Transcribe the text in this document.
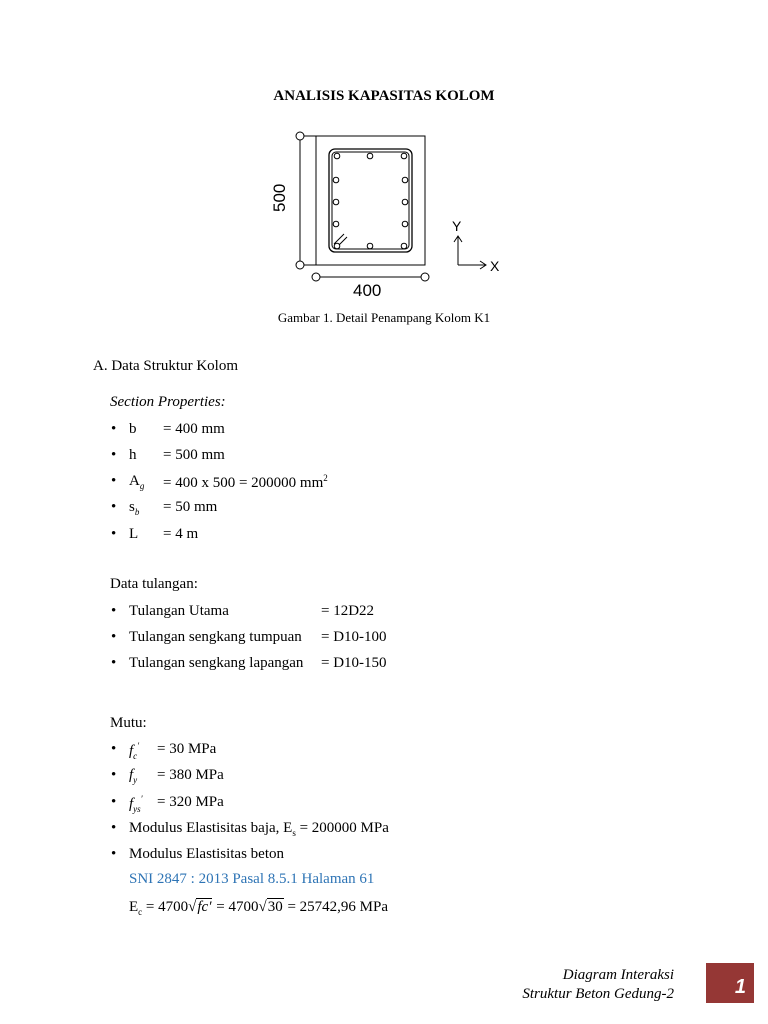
ANALISIS KAPASITAS KOLOM
500
400
Y
X
Gambar 1. Detail Penampang Kolom K1
A. Data Struktur Kolom
Section Properties:
• b = 400 mm
• h = 500 mm
• $A_g = 400$ x 500 = 200000 $mm^2$
• $s_b = 50$ mm
• L = 4 m
Data tulangan:
• Tulangan Utama	= 12D22
• Tulangan sengkang tumpuan = D10-100
• Tulangan sengkang lapangan = D10-150
Mutu:
• $f_c' = 30$ MPa
• $f_y = 380$ MPa
• $f_{ys}' = 320$ MPa
• Modulus Elastisitas baja, $E_s = 200000$ MPa
• Modulus Elastisitas beton
SNI 2847 : 2013 Pasal 8.5.1 Halaman 61
$E_c = 4700√fc' = 4700√30 = 25742,96$ MPa
Diagram Interaksi
Struktur Beton Gedung-2	1
